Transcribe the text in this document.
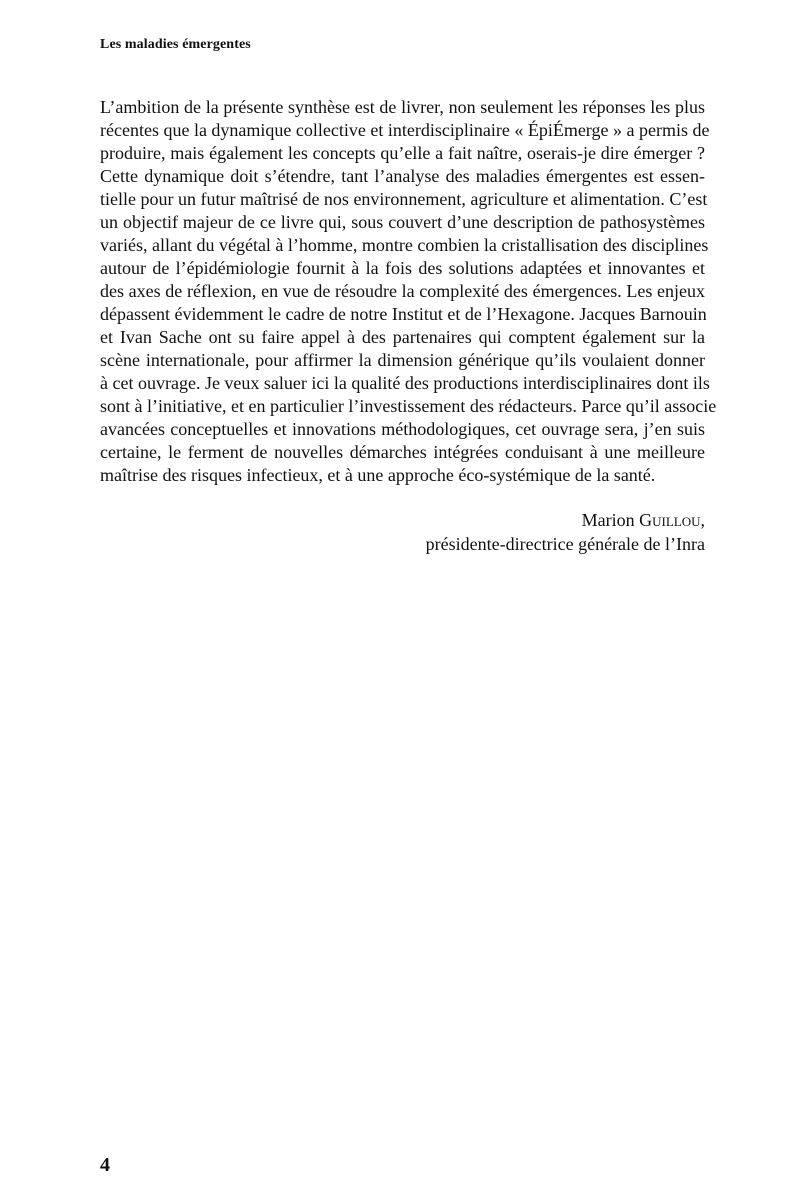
Les maladies émergentes
L’ambition de la présente synthèse est de livrer, non seulement les réponses les plus
récentes que la dynamique collective et interdisciplinaire « ÉpiÉmerge » a permis de
produire, mais également les concepts qu’elle a fait naître, oserais-je dire émerger ?
Cette dynamique doit s’étendre, tant l’analyse des maladies émergentes est essen-
tielle pour un futur maîtrisé de nos environnement, agriculture et alimentation. C’est
un objectif majeur de ce livre qui, sous couvert d’une description de pathosystèmes
variés, allant du végétal à l’homme, montre combien la cristallisation des disciplines
autour de l’épidémiologie fournit à la fois des solutions adaptées et innovantes et
des axes de réflexion, en vue de résoudre la complexité des émergences. Les enjeux
dépassent évidemment le cadre de notre Institut et de l’Hexagone. Jacques Barnouin
et Ivan Sache ont su faire appel à des partenaires qui comptent également sur la
scène internationale, pour affirmer la dimension générique qu’ils voulaient donner
à cet ouvrage. Je veux saluer ici la qualité des productions interdisciplinaires dont ils
sont à l’initiative, et en particulier l’investissement des rédacteurs. Parce qu’il associe
avancées conceptuelles et innovations méthodologiques, cet ouvrage sera, j’en suis
certaine, le ferment de nouvelles démarches intégrées conduisant à une meilleure
maîtrise des risques infectieux, et à une approche éco-systémique de la santé.
Marion Guillou,
présidente-directrice générale de l’Inra
4
